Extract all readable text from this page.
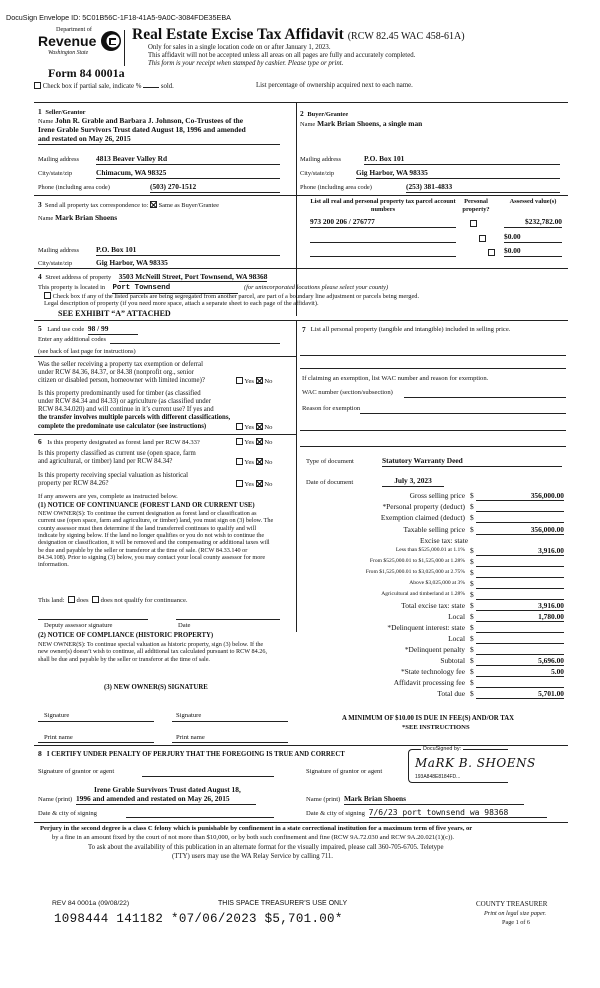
DocuSign Envelope ID: 5C01B56C-1F18-41A5-9A0C-3084FDE35EBA
Department of
Revenue
Washington State
Real Estate Excise Tax Affidavit (RCW 82.45 WAC 458-61A)
Only for sales in a single location code on or after January 1, 2023.
This affidavit will not be accepted unless all areas on all pages are fully and accurately completed.
This form is your receipt when stamped by cashier. Please type or print.
Form 84 0001a
Check box if partial sale, indicate %	sold.	List percentage of ownership acquired next to each name.
1 Seller/Grantor
Name John R. Grable and Barbara J. Johnson, Co-Trustees of the
Irene Grable Survivors Trust dated August 18, 1996 and amended
and restated on May 26, 2015
Mailing address 4813 Beaver Valley Rd
City/state/zip	Chimacum, WA 98325
Phone (including area code)	(503) 270-1512
2 Buyer/Grantee
Name Mark Brian Shoens, a single man
Mailing address	P.O. Box 101
City/state/zip	Gig Harbor, WA 98335
Phone (including area code)	(253) 381-4833
3 Send all property tax correspondence to: Same as Buyer/Grantee
Name Mark Brian Shoens
Mailing address P.O. Box 101
City/state/zip	Gig Harbor, WA 98335
List all real and personal property tax parcel account numbers
Personal property?
Assessed value(s)
973 200 206 / 276777
	$232,782.00

$0.00
$0.00
4 Street address of property 3503 McNeill Street, Port Townsend, WA 98368
This property is located in Port Townsend	(for unincorporated locations please select your county)
Check box if any of the listed parcels are being segregated from another parcel, are part of a boundary line adjustment or parcels being merged.
Legal description of property (if you need more space, attach a separate sheet to each page of the affidavit).
SEE EXHIBIT “A” ATTACHED
5 Land use code 98 / 99
Enter any additional codes
(see back of last page for instructions)
Was the seller receiving a property tax exemption or deferral
under RCW 84.36, 84.37, or 84.38 (nonprofit org., senior
citizen or disabled person, homeowner with limited income)?	Yes No
Is this property predominantly used for timber (as classified
under RCW 84.34 and 84.33) or agriculture (as classified under
RCW 84.34.020) and will continue in it’s current use? If yes and
the transfer involves multiple parcels with different classifications,
complete the predominate use calculator (see instructions)	Yes No
6 Is this property designated as forest land per RCW 84.33?	Yes No
Is this property classified as current use (open space, farm
and agricultural, or timber) land per RCW 84.34?	Yes No
Is this property receiving special valuation as historical
property per RCW 84.26?	Yes No
If any answers are yes, complete as instructed below.
(1) NOTICE OF CONTINUANCE (FOREST LAND OR CURRENT USE)
NEW OWNER(S): To continue the current designation as forest land or classification as current use (open space, farm and agriculture, or timber) land, you must sign on (3) below. The county assessor must then determine if the land transferred continues to qualify and will indicate by signing below. If the land no longer qualifies or you do not wish to continue the designation or classification, it will be removed and the compensating or additional taxes will be due and payable by the seller or transferor at the time of sale. (RCW 84.33.140 or 84.34.108). Prior to signing (3) below, you may contact your local county assessor for more information.
This land: does does not qualify for continuance.
Deputy assessor signature	Date
(2) NOTICE OF COMPLIANCE (HISTORIC PROPERTY)
NEW OWNER(S): To continue special valuation as historic property, sign (3) below. If the new owner(s) doesn’t wish to continue, all additional tax calculated pursuant to RCW 84.26, shall be due and payable by the seller or transferor at the time of sale.
(3) NEW OWNER(S) SIGNATURE
Signature	Signature
Print name	Print name
7 List all personal property (tangible and intangible) included in selling price.
If claiming an exemption, list WAC number and reason for exemption.
WAC number (section/subsection)
Reason for exemption
Type of document	Statutory Warranty Deed
Date of document	July 3, 2023
Gross selling price $	356,000.00
*Personal property (deduct) $
Exemption claimed (deduct) $
Taxable selling price $	356,000.00
Excise tax: state
Less than $525,000.01 at 1.1% $	3,916.00
From $525,000.01 to $1,525,000 at 1.28% $
From $1,525,000.01 to $3,025,000 at 2.75% $
Above $3,025,000 at 3% $
Agricultural and timberland at 1.28% $
Total excise tax: state $	3,916.00
Local $	1,780.00
*Delinquent interest: state $
Local $
*Delinquent penalty $
Subtotal $	5,696.00
*State technology fee $	5.00
Affidavit processing fee $
Total due $	5,701.00
A MINIMUM OF $10.00 IS DUE IN FEE(S) AND/OR TAX
*SEE INSTRUCTIONS
8 I CERTIFY UNDER PENALTY OF PERJURY THAT THE FOREGOING IS TRUE AND CORRECT
Signature of grantor or agent	Signature of grantor or agent
DocuSigned by:
MaRK B. SHOENS
193A848E8184FD...
Irene Grable Survivors Trust dated August 18,
Name (print) 1996 and amended and restated on May 26, 2015	Name (print) Mark Brian Shoens
Date & city of signing	Date & city of signing 7/6/23 port townsend wa 98368
Perjury in the second degree is a class C felony which is punishable by confinement in a state correctional institution for a maximum term of five years, or
by a fine in an amount fixed by the court of not more than $10,000, or by both such confinement and fine (RCW 9A.72.030 and RCW 9A.20.021(1)(c)).
To ask about the availability of this publication in an alternate format for the visually impaired, please call 360-705-6705. Teletype
(TTY) users may use the WA Relay Service by calling 711.
REV 84 0001a (09/08/22)	THIS SPACE TREASURER’S USE ONLY	COUNTY TREASURER
Print on legal size paper.
Page 1 of 6
1098444 141182 *07/06/2023 $5,701.00*
